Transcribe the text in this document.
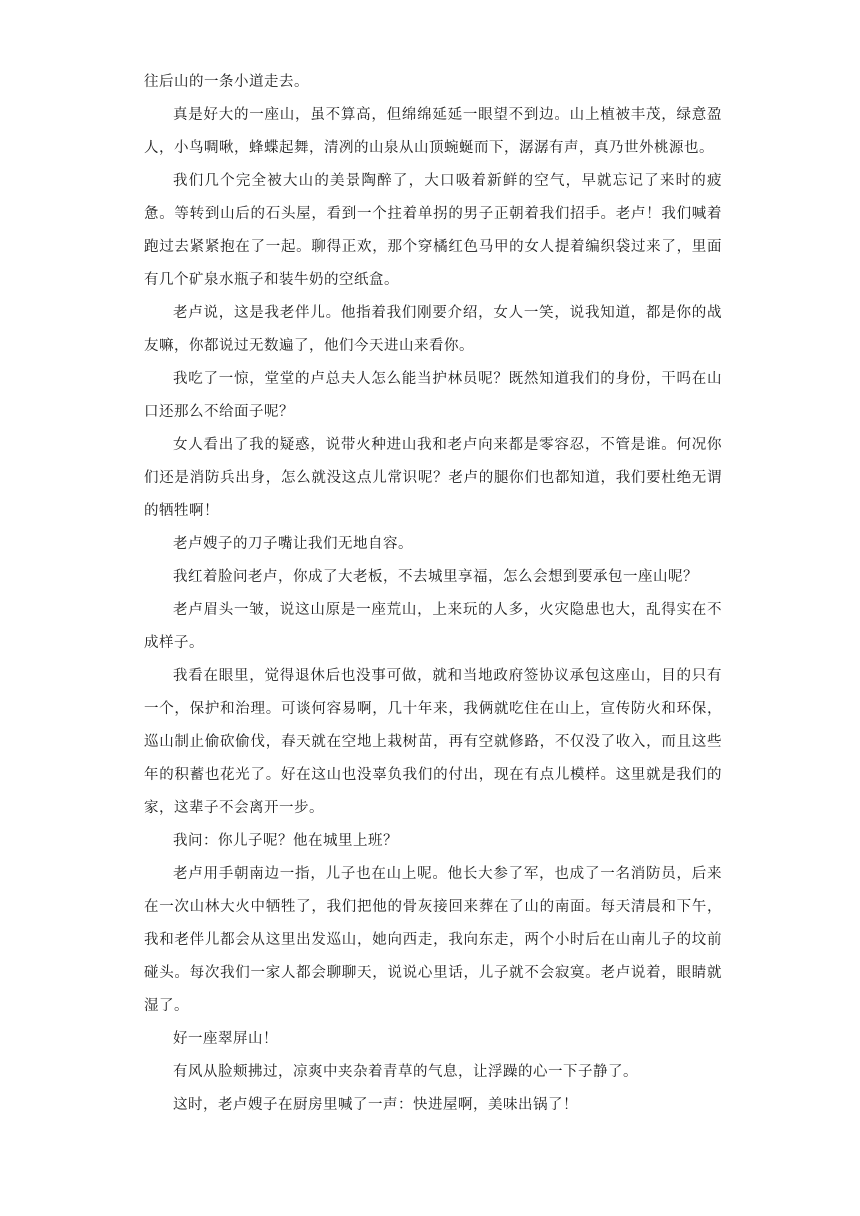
往后山的一条小道走去。

真是好大的一座山，虽不算高，但绵绵延延一眼望不到边。山上植被丰茂，绿意盈人，小鸟啁啾，蜂蝶起舞，清冽的山泉从山顶蜿蜒而下，潺潺有声，真乃世外桃源也。

我们几个完全被大山的美景陶醉了，大口吸着新鲜的空气，早就忘记了来时的疲惫。等转到山后的石头屋，看到一个拄着单拐的男子正朝着我们招手。老卢！我们喊着跑过去紧紧抱在了一起。聊得正欢，那个穿橘红色马甲的女人提着编织袋过来了，里面有几个矿泉水瓶子和装牛奶的空纸盒。

老卢说，这是我老伴儿。他指着我们刚要介绍，女人一笑，说我知道，都是你的战友嘛，你都说过无数遍了，他们今天进山来看你。

我吃了一惊，堂堂的卢总夫人怎么能当护林员呢？既然知道我们的身份，干吗在山口还那么不给面子呢？

女人看出了我的疑惑，说带火种进山我和老卢向来都是零容忍，不管是谁。何况你们还是消防兵出身，怎么就没这点儿常识呢？老卢的腿你们也都知道，我们要杜绝无谓的牺牲啊！

老卢嫂子的刀子嘴让我们无地自容。

我红着脸问老卢，你成了大老板，不去城里享福，怎么会想到要承包一座山呢？

老卢眉头一皱，说这山原是一座荒山，上来玩的人多，火灾隐患也大，乱得实在不成样子。

我看在眼里，觉得退休后也没事可做，就和当地政府签协议承包这座山，目的只有一个，保护和治理。可谈何容易啊，几十年来，我俩就吃住在山上，宣传防火和环保，巡山制止偷砍偷伐，春天就在空地上栽树苗，再有空就修路，不仅没了收入，而且这些年的积蓄也花光了。好在这山也没辜负我们的付出，现在有点儿模样。这里就是我们的家，这辈子不会离开一步。

我问：你儿子呢？他在城里上班？

老卢用手朝南边一指，儿子也在山上呢。他长大参了军，也成了一名消防员，后来在一次山林大火中牺牲了，我们把他的骨灰接回来葬在了山的南面。每天清晨和下午，我和老伴儿都会从这里出发巡山，她向西走，我向东走，两个小时后在山南儿子的坟前碰头。每次我们一家人都会聊聊天，说说心里话，儿子就不会寂寞。老卢说着，眼睛就湿了。

好一座翠屏山！

有风从脸颊拂过，凉爽中夹杂着青草的气息，让浮躁的心一下子静了。

这时，老卢嫂子在厨房里喊了一声：快进屋啊，美味出锅了！
